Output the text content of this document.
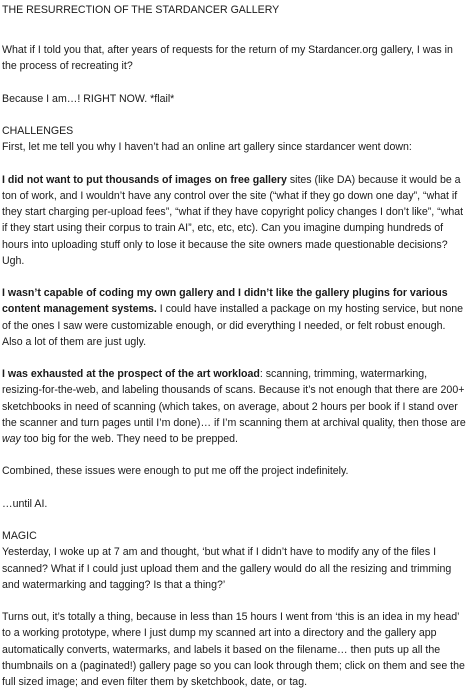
THE RESURRECTION OF THE STARDANCER GALLERY

What if I told you that, after years of requests for the return of my Stardancer.org gallery, I was in the process of recreating it?

Because I am…! RIGHT NOW. *flail*

CHALLENGES
First, let me tell you why I haven’t had an online art gallery since stardancer went down:

I did not want to put thousands of images on free gallery sites (like DA) because it would be a ton of work, and I wouldn’t have any control over the site (“what if they go down one day”, “what if they start charging per-upload fees”, “what if they have copyright policy changes I don’t like”, “what if they start using their corpus to train AI”, etc, etc, etc). Can you imagine dumping hundreds of hours into uploading stuff only to lose it because the site owners made questionable decisions? Ugh.

I wasn’t capable of coding my own gallery and I didn’t like the gallery plugins for various content management systems. I could have installed a package on my hosting service, but none of the ones I saw were customizable enough, or did everything I needed, or felt robust enough. Also a lot of them are just ugly.

I was exhausted at the prospect of the art workload: scanning, trimming, watermarking, resizing-for-the-web, and labeling thousands of scans. Because it’s not enough that there are 200+ sketchbooks in need of scanning (which takes, on average, about 2 hours per book if I stand over the scanner and turn pages until I’m done)… if I’m scanning them at archival quality, then those are way too big for the web. They need to be prepped.

Combined, these issues were enough to put me off the project indefinitely.

…until AI.

MAGIC
Yesterday, I woke up at 7 am and thought, ‘but what if I didn’t have to modify any of the files I scanned? What if I could just upload them and the gallery would do all the resizing and trimming and watermarking and tagging? Is that a thing?’

Turns out, it’s totally a thing, because in less than 15 hours I went from ‘this is an idea in my head’ to a working prototype, where I just dump my scanned art into a directory and the gallery app automatically converts, watermarks, and labels it based on the filename… then puts up all the thumbnails on a (paginated!) gallery page so you can look through them; click on them and see the full sized image; and even filter them by sketchbook, date, or tag.
